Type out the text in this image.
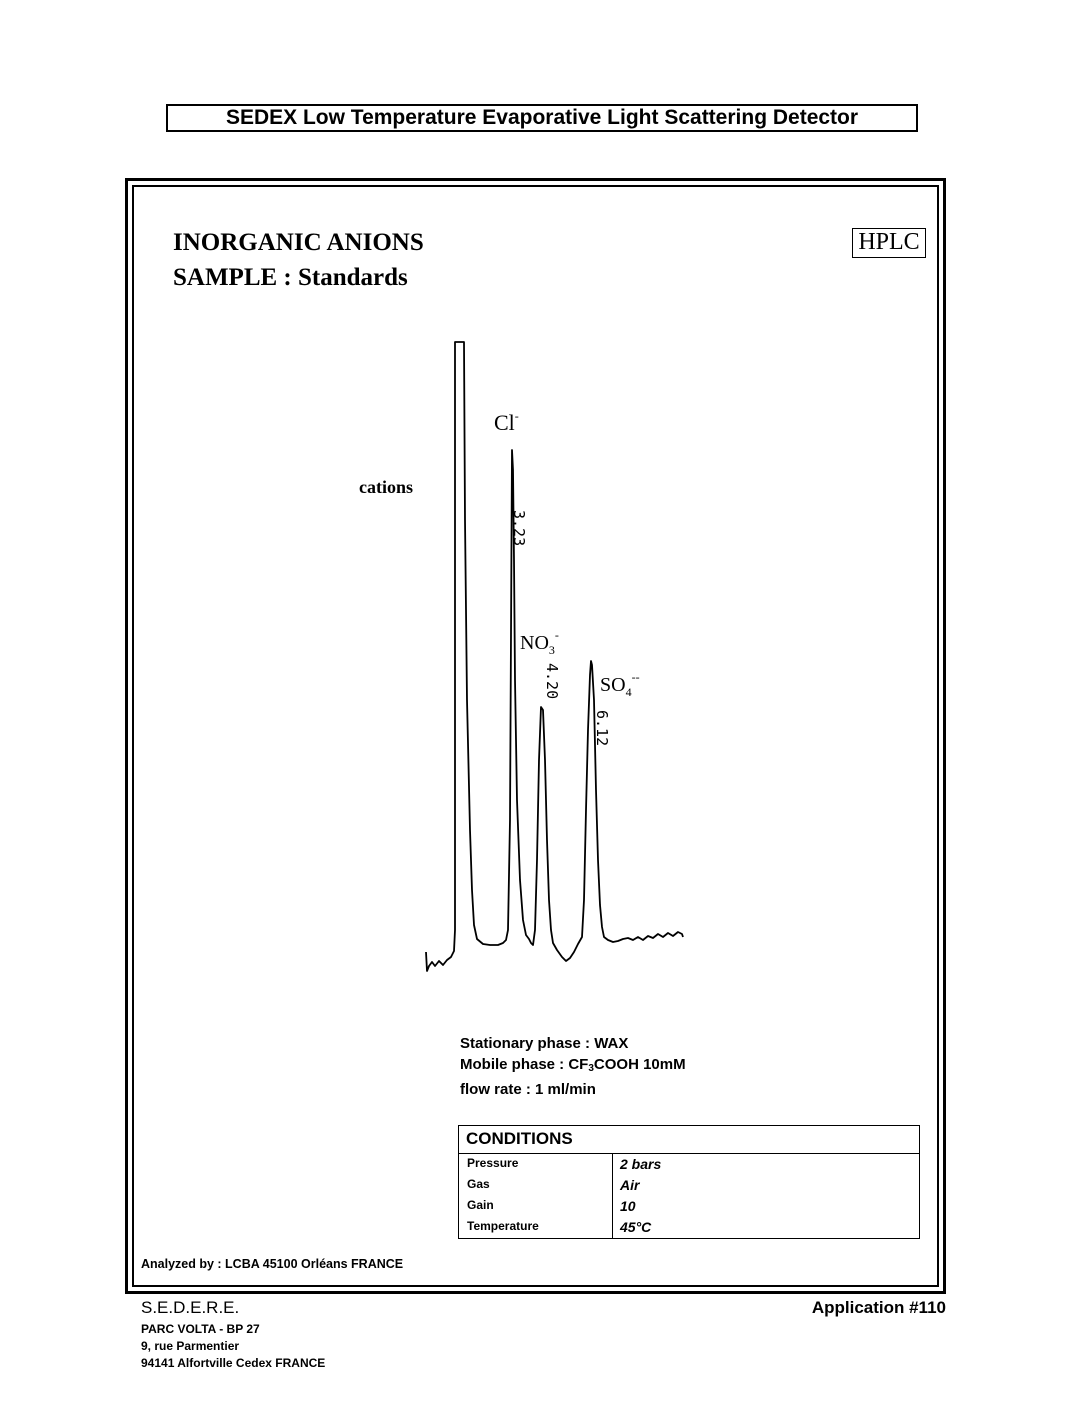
SEDEX Low Temperature Evaporative Light Scattering Detector
INORGANIC ANIONS
SAMPLE : Standards
HPLC
cations
Cl-
$NO_3^-$
$SO_4^{--}$
3.23
4.20
6.12
Stationary phase : WAX
Mobile phase : $CF_3COOH$ 10mM
flow rate : 1 ml/min
CONDITIONS
Pressure	2 bars
Gas	Air
Gain	10
Temperature	45°C
Analyzed by : LCBA 45100 Orléans FRANCE
S.E.D.E.R.E.
PARC VOLTA - BP 27
9, rue Parmentier
94141 Alfortville Cedex FRANCE
Application #110
